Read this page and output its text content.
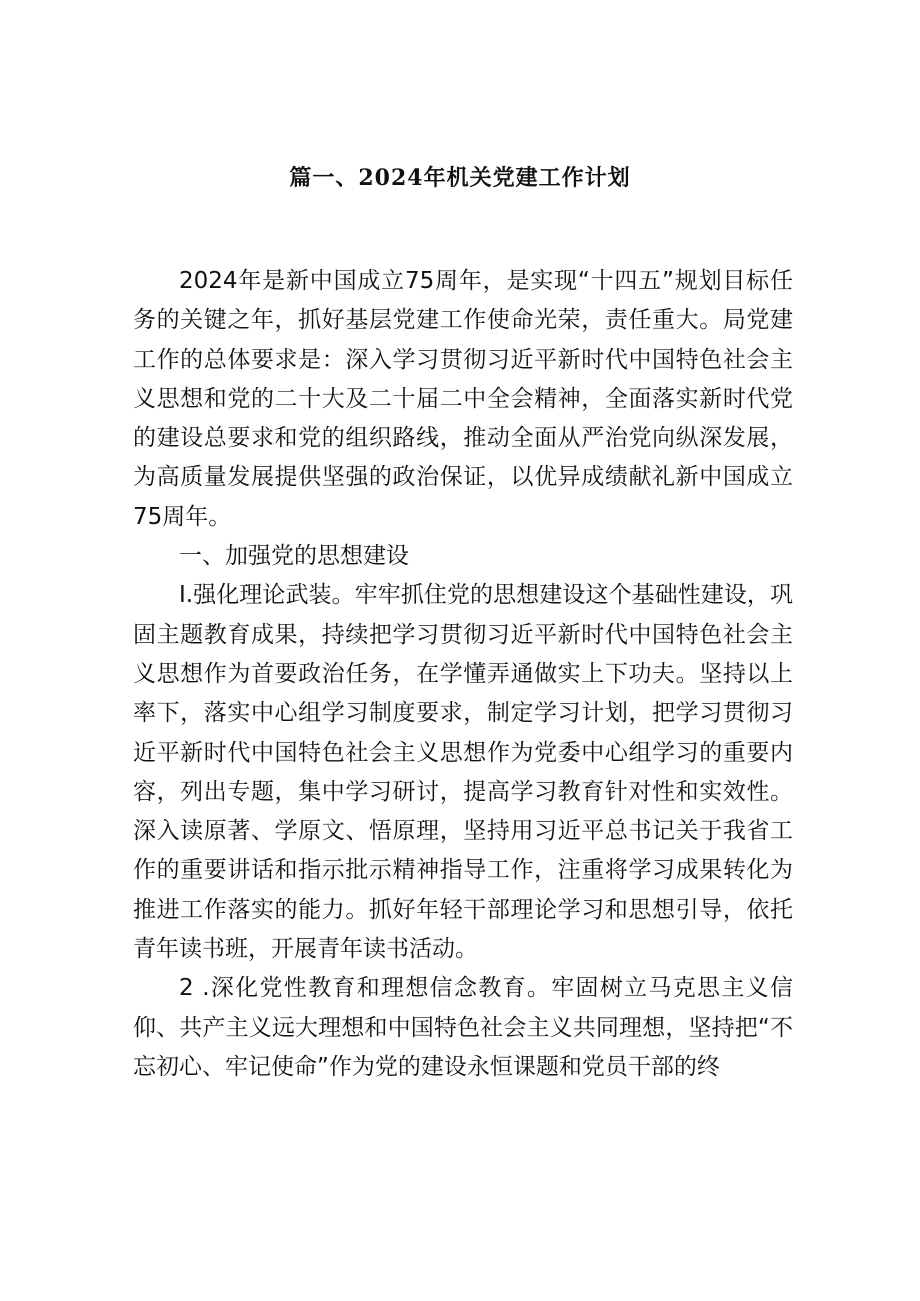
篇一、2024年机关党建工作计划

2024年是新中国成立75周年，是实现“十四五”规划目标任务的关键之年，抓好基层党建工作使命光荣，责任重大。局党建工作的总体要求是：深入学习贯彻习近平新时代中国特色社会主义思想和党的二十大及二十届二中全会精神，全面落实新时代党的建设总要求和党的组织路线，推动全面从严治党向纵深发展，为高质量发展提供坚强的政治保证，以优异成绩献礼新中国成立75周年。

一、加强党的思想建设

I.强化理论武装。牢牢抓住党的思想建设这个基础性建设，巩固主题教育成果，持续把学习贯彻习近平新时代中国特色社会主义思想作为首要政治任务，在学懂弄通做实上下功夫。坚持以上率下，落实中心组学习制度要求，制定学习计划，把学习贯彻习近平新时代中国特色社会主义思想作为党委中心组学习的重要内容，列出专题，集中学习研讨，提高学习教育针对性和实效性。深入读原著、学原文、悟原理，坚持用习近平总书记关于我省工作的重要讲话和指示批示精神指导工作，注重将学习成果转化为推进工作落实的能力。抓好年轻干部理论学习和思想引导，依托青年读书班，开展青年读书活动。

2 .深化党性教育和理想信念教育。牢固树立马克思主义信仰、共产主义远大理想和中国特色社会主义共同理想，坚持把“不忘初心、牢记使命”作为党的建设永恒课题和党员干部的终
